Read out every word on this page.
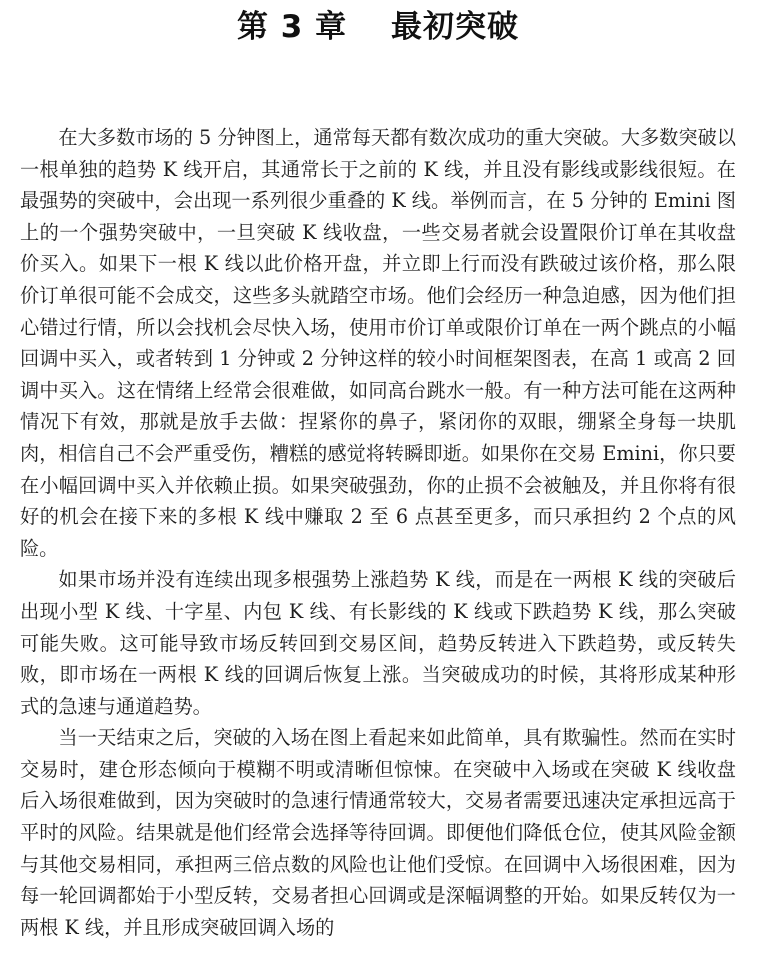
第 3 章　 最初突破

在大多数市场的 5 分钟图上，通常每天都有数次成功的重大突破。大多数突破以一根单独的趋势 K 线开启，其通常长于之前的 K 线，并且没有影线或影线很短。在最强势的突破中，会出现一系列很少重叠的 K 线。举例而言，在 5 分钟的 Emini 图上的一个强势突破中，一旦突破 K 线收盘，一些交易者就会设置限价订单在其收盘价买入。如果下一根 K 线以此价格开盘，并立即上行而没有跌破过该价格，那么限价订单很可能不会成交，这些多头就踏空市场。他们会经历一种急迫感，因为他们担心错过行情，所以会找机会尽快入场，使用市价订单或限价订单在一两个跳点的小幅回调中买入，或者转到 1 分钟或 2 分钟这样的较小时间框架图表，在高 1 或高 2 回调中买入。这在情绪上经常会很难做，如同高台跳水一般。有一种方法可能在这两种情况下有效，那就是放手去做：捏紧你的鼻子，紧闭你的双眼，绷紧全身每一块肌肉，相信自己不会严重受伤，糟糕的感觉将转瞬即逝。如果你在交易 Emini，你只要在小幅回调中买入并依赖止损。如果突破强劲，你的止损不会被触及，并且你将有很好的机会在接下来的多根 K 线中赚取 2 至 6 点甚至更多，而只承担约 2 个点的风险。

如果市场并没有连续出现多根强势上涨趋势 K 线，而是在一两根 K 线的突破后出现小型 K 线、十字星、内包 K 线、有长影线的 K 线或下跌趋势 K 线，那么突破可能失败。这可能导致市场反转回到交易区间，趋势反转进入下跌趋势，或反转失败，即市场在一两根 K 线的回调后恢复上涨。当突破成功的时候，其将形成某种形式的急速与通道趋势。

当一天结束之后，突破的入场在图上看起来如此简单，具有欺骗性。然而在实时交易时，建仓形态倾向于模糊不明或清晰但惊悚。在突破中入场或在突破 K 线收盘后入场很难做到，因为突破时的急速行情通常较大，交易者需要迅速决定承担远高于平时的风险。结果就是他们经常会选择等待回调。即便他们降低仓位，使其风险金额与其他交易相同，承担两三倍点数的风险也让他们受惊。在回调中入场很困难，因为每一轮回调都始于小型反转，交易者担心回调或是深幅调整的开始。如果反转仅为一两根 K 线，并且形成突破回调入场的
